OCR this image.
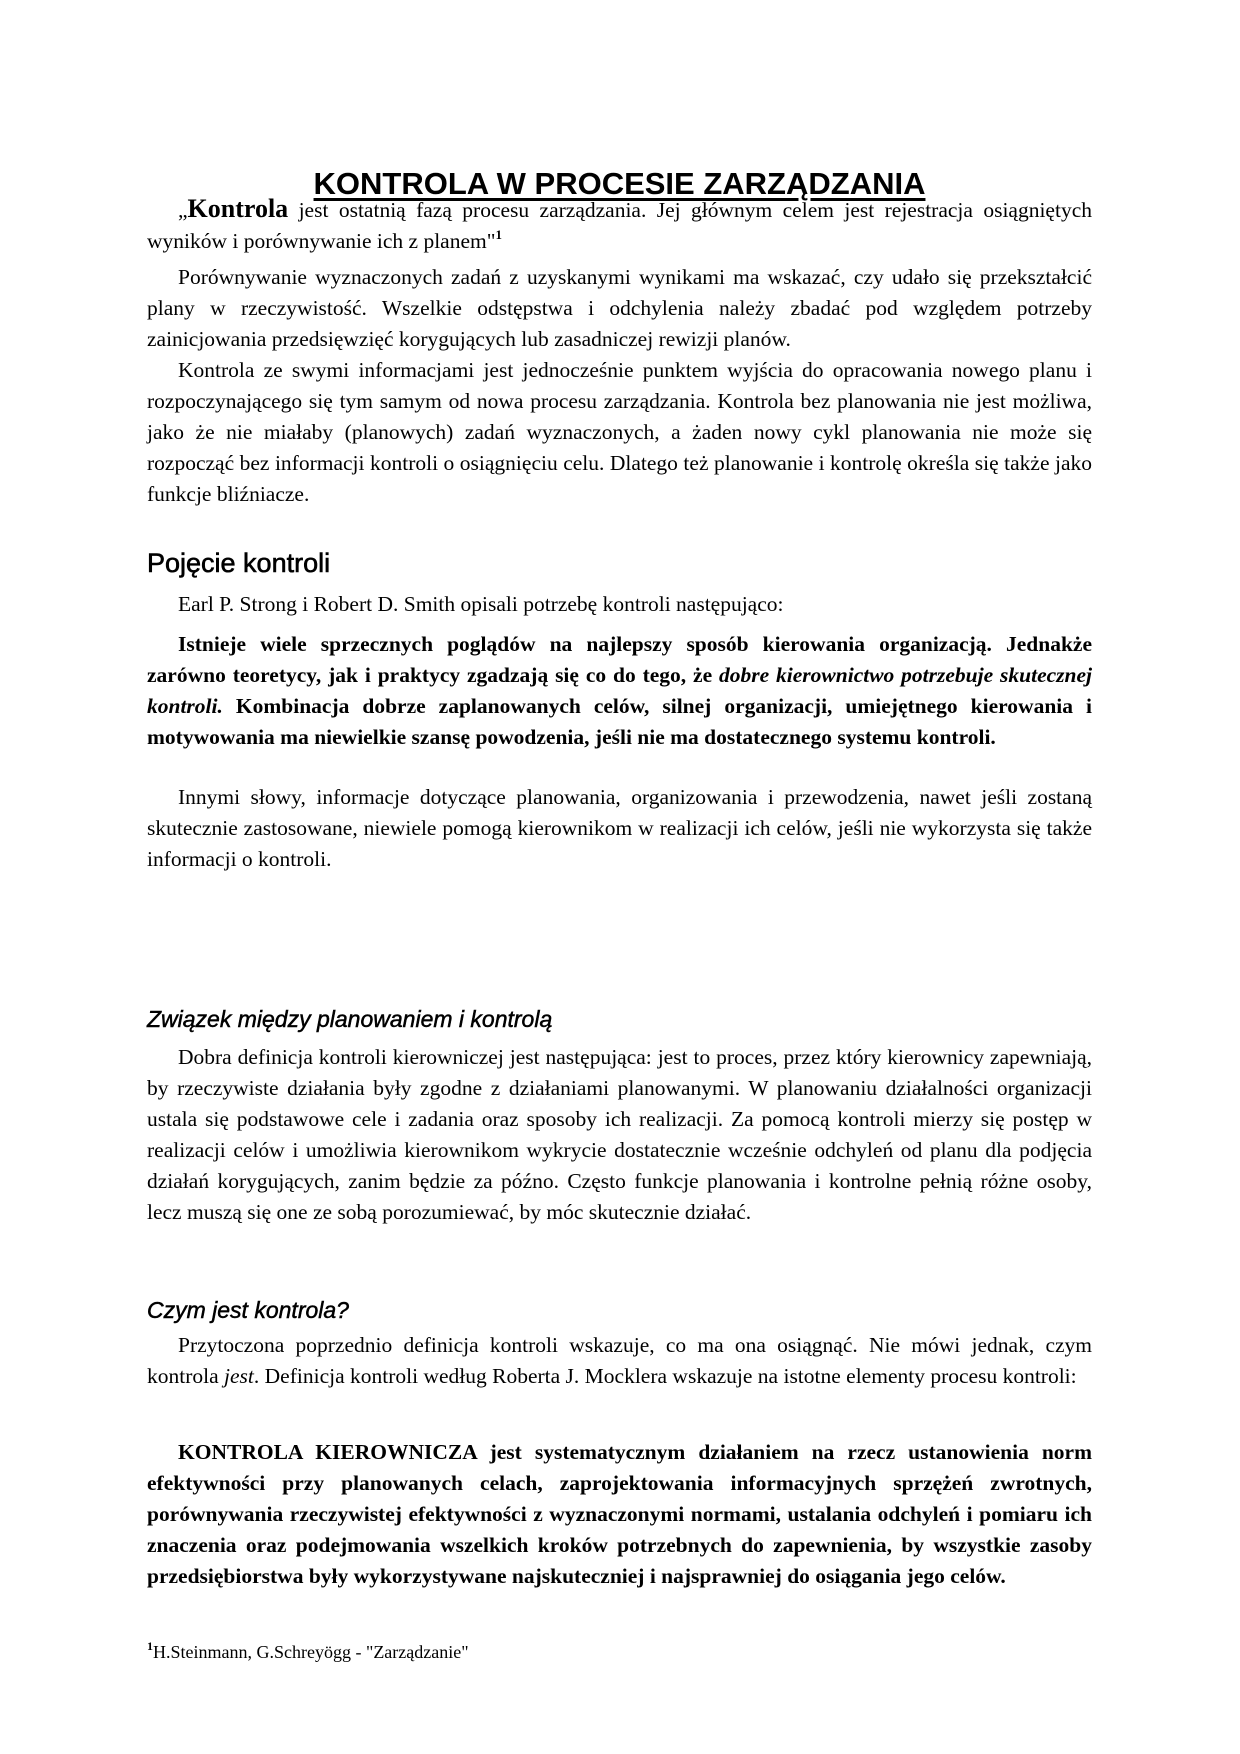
KONTROLA W PROCESIE ZARZĄDZANIA

„Kontrola jest ostatnią fazą procesu zarządzania. Jej głównym celem jest rejestracja osiągniętych wyników i porównywanie ich z planem"$^1$

Porównywanie wyznaczonych zadań z uzyskanymi wynikami ma wskazać, czy udało się przekształcić plany w rzeczywistość. Wszelkie odstępstwa i odchylenia należy zbadać pod względem potrzeby zainicjowania przedsięwzięć korygujących lub zasadniczej rewizji planów.

Kontrola ze swymi informacjami jest jednocześnie punktem wyjścia do opracowania nowego planu i rozpoczynającego się tym samym od nowa procesu zarządzania. Kontrola bez planowania nie jest możliwa, jako że nie miałaby (planowych) zadań wyznaczonych, a żaden nowy cykl planowania nie może się rozpocząć bez informacji kontroli o osiągnięciu celu. Dlatego też planowanie i kontrolę określa się także jako funkcje bliźniacze.

Pojęcie kontroli

Earl P. Strong i Robert D. Smith opisali potrzebę kontroli następująco:

Istnieje wiele sprzecznych poglądów na najlepszy sposób kierowania organizacją. Jednakże zarówno teoretycy, jak i praktycy zgadzają się co do tego, że dobre kierownictwo potrzebuje skutecznej kontroli. Kombinacja dobrze zaplanowanych celów, silnej organizacji, umiejętnego kierowania i motywowania ma niewielkie szansę powodzenia, jeśli nie ma dostatecznego systemu kontroli.

Innymi słowy, informacje dotyczące planowania, organizowania i przewodzenia, nawet jeśli zostaną skutecznie zastosowane, niewiele pomogą kierownikom w realizacji ich celów, jeśli nie wykorzysta się także informacji o kontroli.

Związek między planowaniem i kontrolą

Dobra definicja kontroli kierowniczej jest następująca: jest to proces, przez który kierownicy zapewniają, by rzeczywiste działania były zgodne z działaniami planowanymi. W planowaniu działalności organizacji ustala się podstawowe cele i zadania oraz sposoby ich realizacji. Za pomocą kontroli mierzy się postęp w realizacji celów i umożliwia kierownikom wykrycie dostatecznie wcześnie odchyleń od planu dla podjęcia działań korygujących, zanim będzie za późno. Często funkcje planowania i kontrolne pełnią różne osoby, lecz muszą się one ze sobą porozumiewać, by móc skutecznie działać.

Czym jest kontrola?

Przytoczona poprzednio definicja kontroli wskazuje, co ma ona osiągnąć. Nie mówi jednak, czym kontrola jest. Definicja kontroli według Roberta J. Mocklera wskazuje na istotne elementy procesu kontroli:

KONTROLA KIEROWNICZA jest systematycznym działaniem na rzecz ustanowienia norm efektywności przy planowanych celach, zaprojektowania informacyjnych sprzężeń zwrotnych, porównywania rzeczywistej efektywności z wyznaczonymi normami, ustalania odchyleń i pomiaru ich znaczenia oraz podejmowania wszelkich kroków potrzebnych do zapewnienia, by wszystkie zasoby przedsiębiorstwa były wykorzystywane najskuteczniej i najsprawniej do osiągania jego celów.

$^1$H.Steinmann, G.Schreyögg - "Zarządzanie"
